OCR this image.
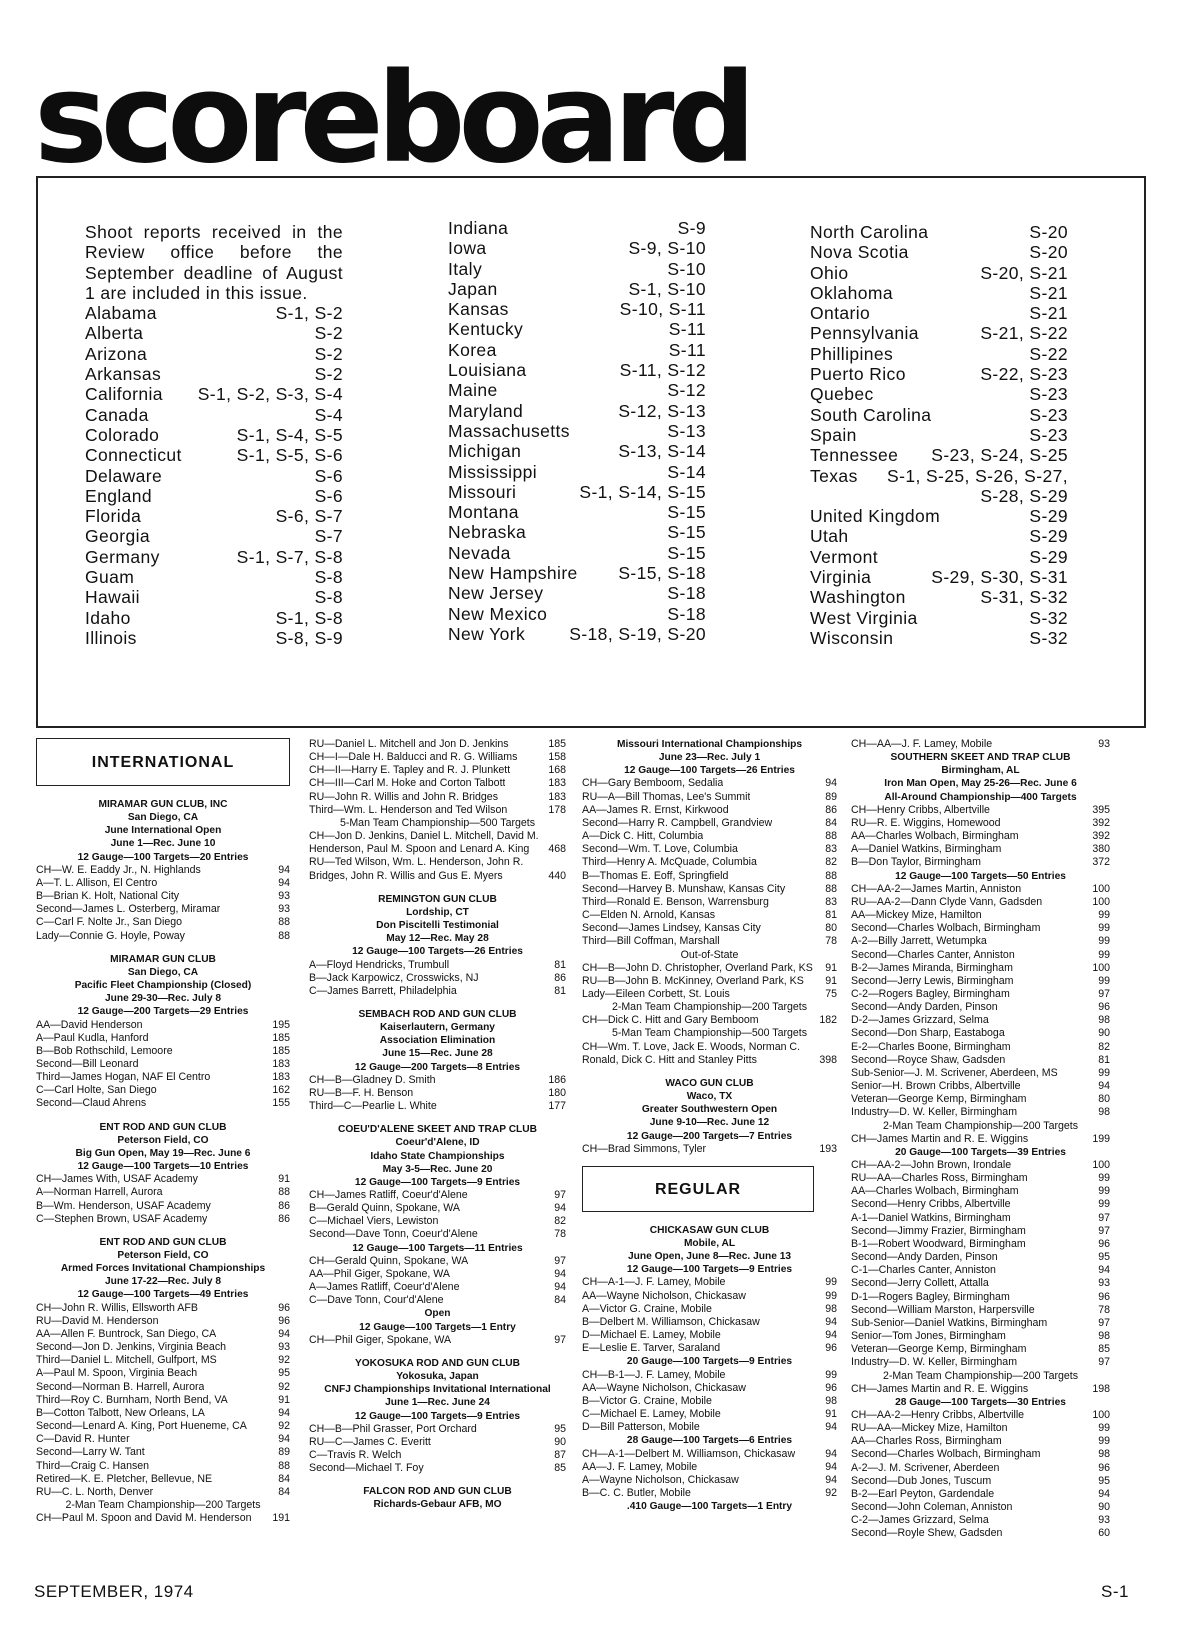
scoreboard
Shoot reports received in the Review office before the September deadline of August 1 are included in this issue.
Alabama	S-1, S-2
Alberta	S-2
Arizona	S-2
Arkansas	S-2
California	S-1, S-2, S-3, S-4
Canada	S-4
Colorado	S-1, S-4, S-5
Connecticut	S-1, S-5, S-6
Delaware	S-6
England	S-6
Florida	S-6, S-7
Georgia	S-7
Germany	S-1, S-7, S-8
Guam	S-8
Hawaii	S-8
Idaho	S-1, S-8
Illinois	S-8, S-9
Indiana	S-9
Iowa	S-9, S-10
Italy	S-10
Japan	S-1, S-10
Kansas	S-10, S-11
Kentucky	S-11
Korea	S-11
Louisiana	S-11, S-12
Maine	S-12
Maryland	S-12, S-13
Massachusetts	S-13
Michigan	S-13, S-14
Mississippi	S-14
Missouri	S-1, S-14, S-15
Montana	S-15
Nebraska	S-15
Nevada	S-15
New Hampshire	S-15, S-18
New Jersey	S-18
New Mexico	S-18
New York	S-18, S-19, S-20
North Carolina	S-20
Nova Scotia	S-20
Ohio	S-20, S-21
Oklahoma	S-21
Ontario	S-21
Pennsylvania	S-21, S-22
Phillipines	S-22
Puerto Rico	S-22, S-23
Quebec	S-23
South Carolina	S-23
Spain	S-23
Tennessee	S-23, S-24, S-25
Texas	S-1, S-25, S-26, S-27,
S-28, S-29
United Kingdom	S-29
Utah	S-29
Vermont	S-29
Virginia	S-29, S-30, S-31
Washington	S-31, S-32
West Virginia	S-32
Wisconsin	S-32
INTERNATIONAL
MIRAMAR GUN CLUB, INC
San Diego, CA
June International Open
June 1—Rec. June 10
12 Gauge—100 Targets—20 Entries
CH—W. E. Eaddy Jr., N. Highlands	94
A—T. L. Allison, El Centro	94
B—Brian K. Holt, National City	93
Second—James L. Osterberg, Miramar	93
C—Carl F. Nolte Jr., San Diego	88
Lady—Connie G. Hoyle, Poway	88
MIRAMAR GUN CLUB
San Diego, CA
Pacific Fleet Championship (Closed)
June 29-30—Rec. July 8
12 Gauge—200 Targets—29 Entries
AA—David Henderson	195
A—Paul Kudla, Hanford	185
B—Bob Rothschild, Lemoore	185
Second—Bill Leonard	183
Third—James Hogan, NAF El Centro	183
C—Carl Holte, San Diego	162
Second—Claud Ahrens	155
ENT ROD AND GUN CLUB
Peterson Field, CO
Big Gun Open, May 19—Rec. June 6
12 Gauge—100 Targets—10 Entries
CH—James With, USAF Academy	91
A—Norman Harrell, Aurora	88
B—Wm. Henderson, USAF Academy	86
C—Stephen Brown, USAF Academy	86
ENT ROD AND GUN CLUB
Peterson Field, CO
Armed Forces Invitational Championships
June 17-22—Rec. July 8
12 Gauge—100 Targets—49 Entries
CH—John R. Willis, Ellsworth AFB	96
RU—David M. Henderson	96
AA—Allen F. Buntrock, San Diego, CA	94
Second—Jon D. Jenkins, Virginia Beach	93
Third—Daniel L. Mitchell, Gulfport, MS	92
A—Paul M. Spoon, Virginia Beach	95
Second—Norman B. Harrell, Aurora	92
Third—Roy C. Burnham, North Bend, VA	91
B—Cotton Talbott, New Orleans, LA	94
Second—Lenard A. King, Port Hueneme, CA	92
C—David R. Hunter	94
Second—Larry W. Tant	89
Third—Craig C. Hansen	88
Retired—K. E. Pletcher, Bellevue, NE	84
RU—C. L. North, Denver	84
2-Man Team Championship—200 Targets
CH—Paul M. Spoon and David M. Henderson	191
RU—Daniel L. Mitchell and Jon D. Jenkins	185
CH—I—Dale H. Balducci and R. G. Williams	158
CH—II—Harry E. Tapley and R. J. Plunkett	168
CH—III—Carl M. Hoke and Corton Talbott	183
RU—John R. Willis and John R. Bridges	183
Third—Wm. L. Henderson and Ted Wilson	178
5-Man Team Championship—500 Targets
CH—Jon D. Jenkins, Daniel L. Mitchell, David M. Henderson, Paul M. Spoon and Lenard A. King	468
RU—Ted Wilson, Wm. L. Henderson, John R. Bridges, John R. Willis and Gus E. Myers	440
REMINGTON GUN CLUB
Lordship, CT
Don Piscitelli Testimonial
May 12—Rec. May 28
12 Gauge—100 Targets—26 Entries
A—Floyd Hendricks, Trumbull	81
B—Jack Karpowicz, Crosswicks, NJ	86
C—James Barrett, Philadelphia	81
SEMBACH ROD AND GUN CLUB
Kaiserlautern, Germany
Association Elimination
June 15—Rec. June 28
12 Gauge—200 Targets—8 Entries
CH—B—Gladney D. Smith	186
RU—B—F. H. Benson	180
Third—C—Pearlie L. White	177
COEU'D'ALENE SKEET AND TRAP CLUB
Coeur'd'Alene, ID
Idaho State Championships
May 3-5—Rec. June 20
12 Gauge—100 Targets—9 Entries
CH—James Ratliff, Coeur'd'Alene	97
B—Gerald Quinn, Spokane, WA	94
C—Michael Viers, Lewiston	82
Second—Dave Tonn, Coeur'd'Alene	78
12 Gauge—100 Targets—11 Entries
CH—Gerald Quinn, Spokane, WA	97
AA—Phil Giger, Spokane, WA	94
A—James Ratliff, Coeur'd'Alene	94
C—Dave Tonn, Cour'd'Alene	84
Open
12 Gauge—100 Targets—1 Entry
CH—Phil Giger, Spokane, WA	97
YOKOSUKA ROD AND GUN CLUB
Yokosuka, Japan
CNFJ Championships Invitational International
June 1—Rec. June 24
12 Gauge—100 Targets—9 Entries
CH—B—Phil Grasser, Port Orchard	95
RU—C—James C. Everitt	90
C—Travis R. Welch	87
Second—Michael T. Foy	85
FALCON ROD AND GUN CLUB
Richards-Gebaur AFB, MO
Missouri International Championships
June 23—Rec. July 1
12 Gauge—100 Targets—26 Entries
CH—Gary Bemboom, Sedalia	94
RU—A—Bill Thomas, Lee's Summit	89
AA—James R. Ernst, Kirkwood	86
Second—Harry R. Campbell, Grandview	84
A—Dick C. Hitt, Columbia	88
Second—Wm. T. Love, Columbia	83
Third—Henry A. McQuade, Columbia	82
B—Thomas E. Eoff, Springfield	88
Second—Harvey B. Munshaw, Kansas City	88
Third—Ronald E. Benson, Warrensburg	83
C—Elden N. Arnold, Kansas	81
Second—James Lindsey, Kansas City	80
Third—Bill Coffman, Marshall	78
Out-of-State
CH—B—John D. Christopher, Overland Park, KS	91
RU—B—John B. McKinney, Overland Park, KS	91
Lady—Eileen Corbett, St. Louis	75
2-Man Team Championship—200 Targets
CH—Dick C. Hitt and Gary Bemboom	182
5-Man Team Championship—500 Targets
CH—Wm. T. Love, Jack E. Woods, Norman C. Ronald, Dick C. Hitt and Stanley Pitts	398
WACO GUN CLUB
Waco, TX
Greater Southwestern Open
June 9-10—Rec. June 12
12 Gauge—200 Targets—7 Entries
CH—Brad Simmons, Tyler	193
REGULAR
CHICKASAW GUN CLUB
Mobile, AL
June Open, June 8—Rec. June 13
12 Gauge—100 Targets—9 Entries
CH—A-1—J. F. Lamey, Mobile	99
AA—Wayne Nicholson, Chickasaw	99
A—Victor G. Craine, Mobile	98
B—Delbert M. Williamson, Chickasaw	94
D—Michael E. Lamey, Mobile	94
E—Leslie E. Tarver, Saraland	96
20 Gauge—100 Targets—9 Entries
CH—B-1—J. F. Lamey, Mobile	99
AA—Wayne Nicholson, Chickasaw	96
B—Victor G. Craine, Mobile	98
C—Michael E. Lamey, Mobile	91
D—Bill Patterson, Mobile	94
28 Gauge—100 Targets—6 Entries
CH—A-1—Delbert M. Williamson, Chickasaw	94
AA—J. F. Lamey, Mobile	94
A—Wayne Nicholson, Chickasaw	94
B—C. C. Butler, Mobile	92
.410 Gauge—100 Targets—1 Entry
CH—AA—J. F. Lamey, Mobile	93
SOUTHERN SKEET AND TRAP CLUB
Birmingham, AL
Iron Man Open, May 25-26—Rec. June 6
All-Around Championship—400 Targets
CH—Henry Cribbs, Albertville	395
RU—R. E. Wiggins, Homewood	392
AA—Charles Wolbach, Birmingham	392
A—Daniel Watkins, Birmingham	380
B—Don Taylor, Birmingham	372
12 Gauge—100 Targets—50 Entries
CH—AA-2—James Martin, Anniston	100
RU—AA-2—Dann Clyde Vann, Gadsden	100
AA—Mickey Mize, Hamilton	99
Second—Charles Wolbach, Birmingham	99
A-2—Billy Jarrett, Wetumpka	99
Second—Charles Canter, Anniston	99
B-2—James Miranda, Birmingham	100
Second—Jerry Lewis, Birmingham	99
C-2—Rogers Bagley, Birmingham	97
Second—Andy Darden, Pinson	96
D-2—James Grizzard, Selma	98
Second—Don Sharp, Eastaboga	90
E-2—Charles Boone, Birmingham	82
Second—Royce Shaw, Gadsden	81
Sub-Senior—J. M. Scrivener, Aberdeen, MS	99
Senior—H. Brown Cribbs, Albertville	94
Veteran—George Kemp, Birmingham	80
Industry—D. W. Keller, Birmingham	98
2-Man Team Championship—200 Targets
CH—James Martin and R. E. Wiggins	199
20 Gauge—100 Targets—39 Entries
CH—AA-2—John Brown, Irondale	100
RU—AA—Charles Ross, Birmingham	99
AA—Charles Wolbach, Birmingham	99
Second—Henry Cribbs, Albertville	99
A-1—Daniel Watkins, Birmingham	97
Second—Jimmy Frazier, Birmingham	97
B-1—Robert Woodward, Birmingham	96
Second—Andy Darden, Pinson	95
C-1—Charles Canter, Anniston	94
Second—Jerry Collett, Attalla	93
D-1—Rogers Bagley, Birmingham	96
Second—William Marston, Harpersville	78
Sub-Senior—Daniel Watkins, Birmingham	97
Senior—Tom Jones, Birmingham	98
Veteran—George Kemp, Birmingham	85
Industry—D. W. Keller, Birmingham	97
2-Man Team Championship—200 Targets
CH—James Martin and R. E. Wiggins	198
28 Gauge—100 Targets—30 Entries
CH—AA-2—Henry Cribbs, Albertville	100
RU—AA—Mickey Mize, Hamilton	99
AA—Charles Ross, Birmingham	99
Second—Charles Wolbach, Birmingham	98
A-2—J. M. Scrivener, Aberdeen	96
Second—Dub Jones, Tuscum	95
B-2—Earl Peyton, Gardendale	94
Second—John Coleman, Anniston	90
C-2—James Grizzard, Selma	93
Second—Royle Shew, Gadsden	60
SEPTEMBER, 1974	S-1
